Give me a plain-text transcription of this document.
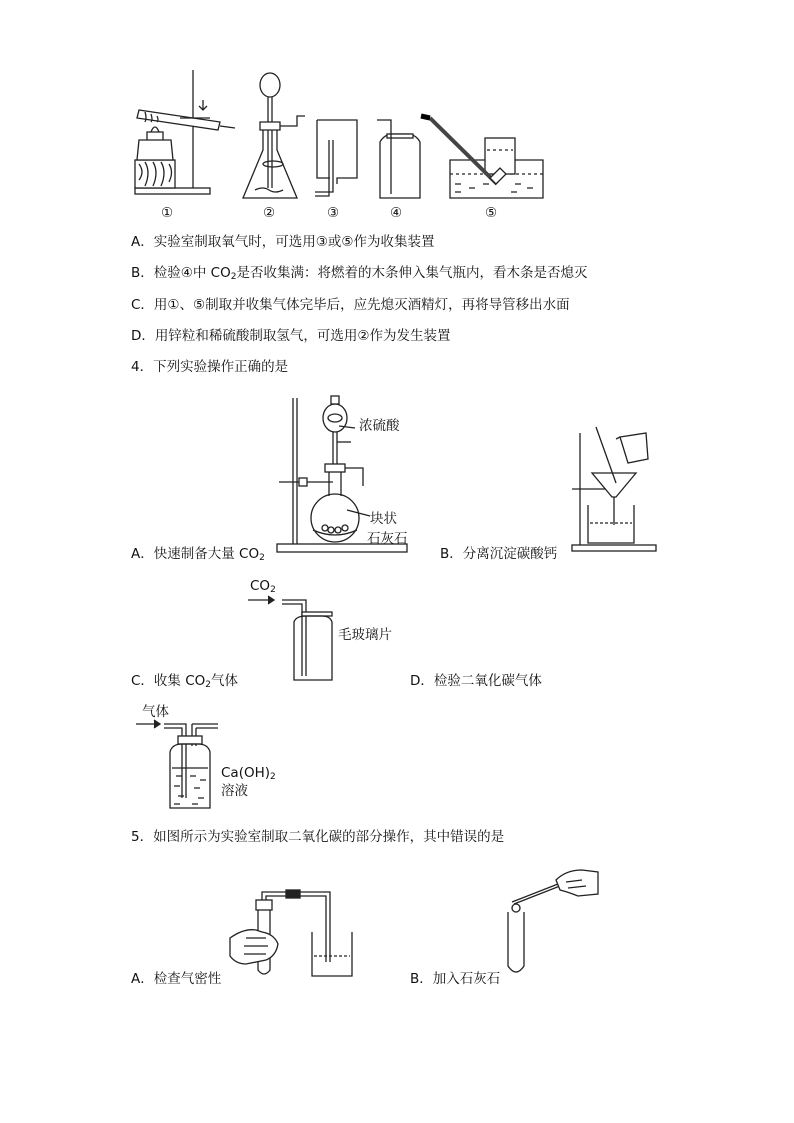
①	②	③	④	⑤
A．实验室制取氧气时，可选用③或⑤作为收集装置
B．检验④中 $CO_2$是否收集满：将燃着的木条伸入集气瓶内，看木条是否熄灭
C．用①、⑤制取并收集气体完毕后，应先熄灭酒精灯，再将导管移出水面
D．用锌粒和稀硫酸制取氢气，可选用②作为发生装置
4．下列实验操作正确的是
浓硫酸
块状
石灰石
A．快速制备大量 $CO_2$	B．分离沉淀碳酸钙
$CO_2$
毛玻璃片
C．收集 $CO_2$气体	D．检验二氧化碳气体
气体
$Ca(OH)_2$
溶液
5．如图所示为实验室制取二氧化碳的部分操作，其中错误的是
A．检查气密性	B．加入石灰石
